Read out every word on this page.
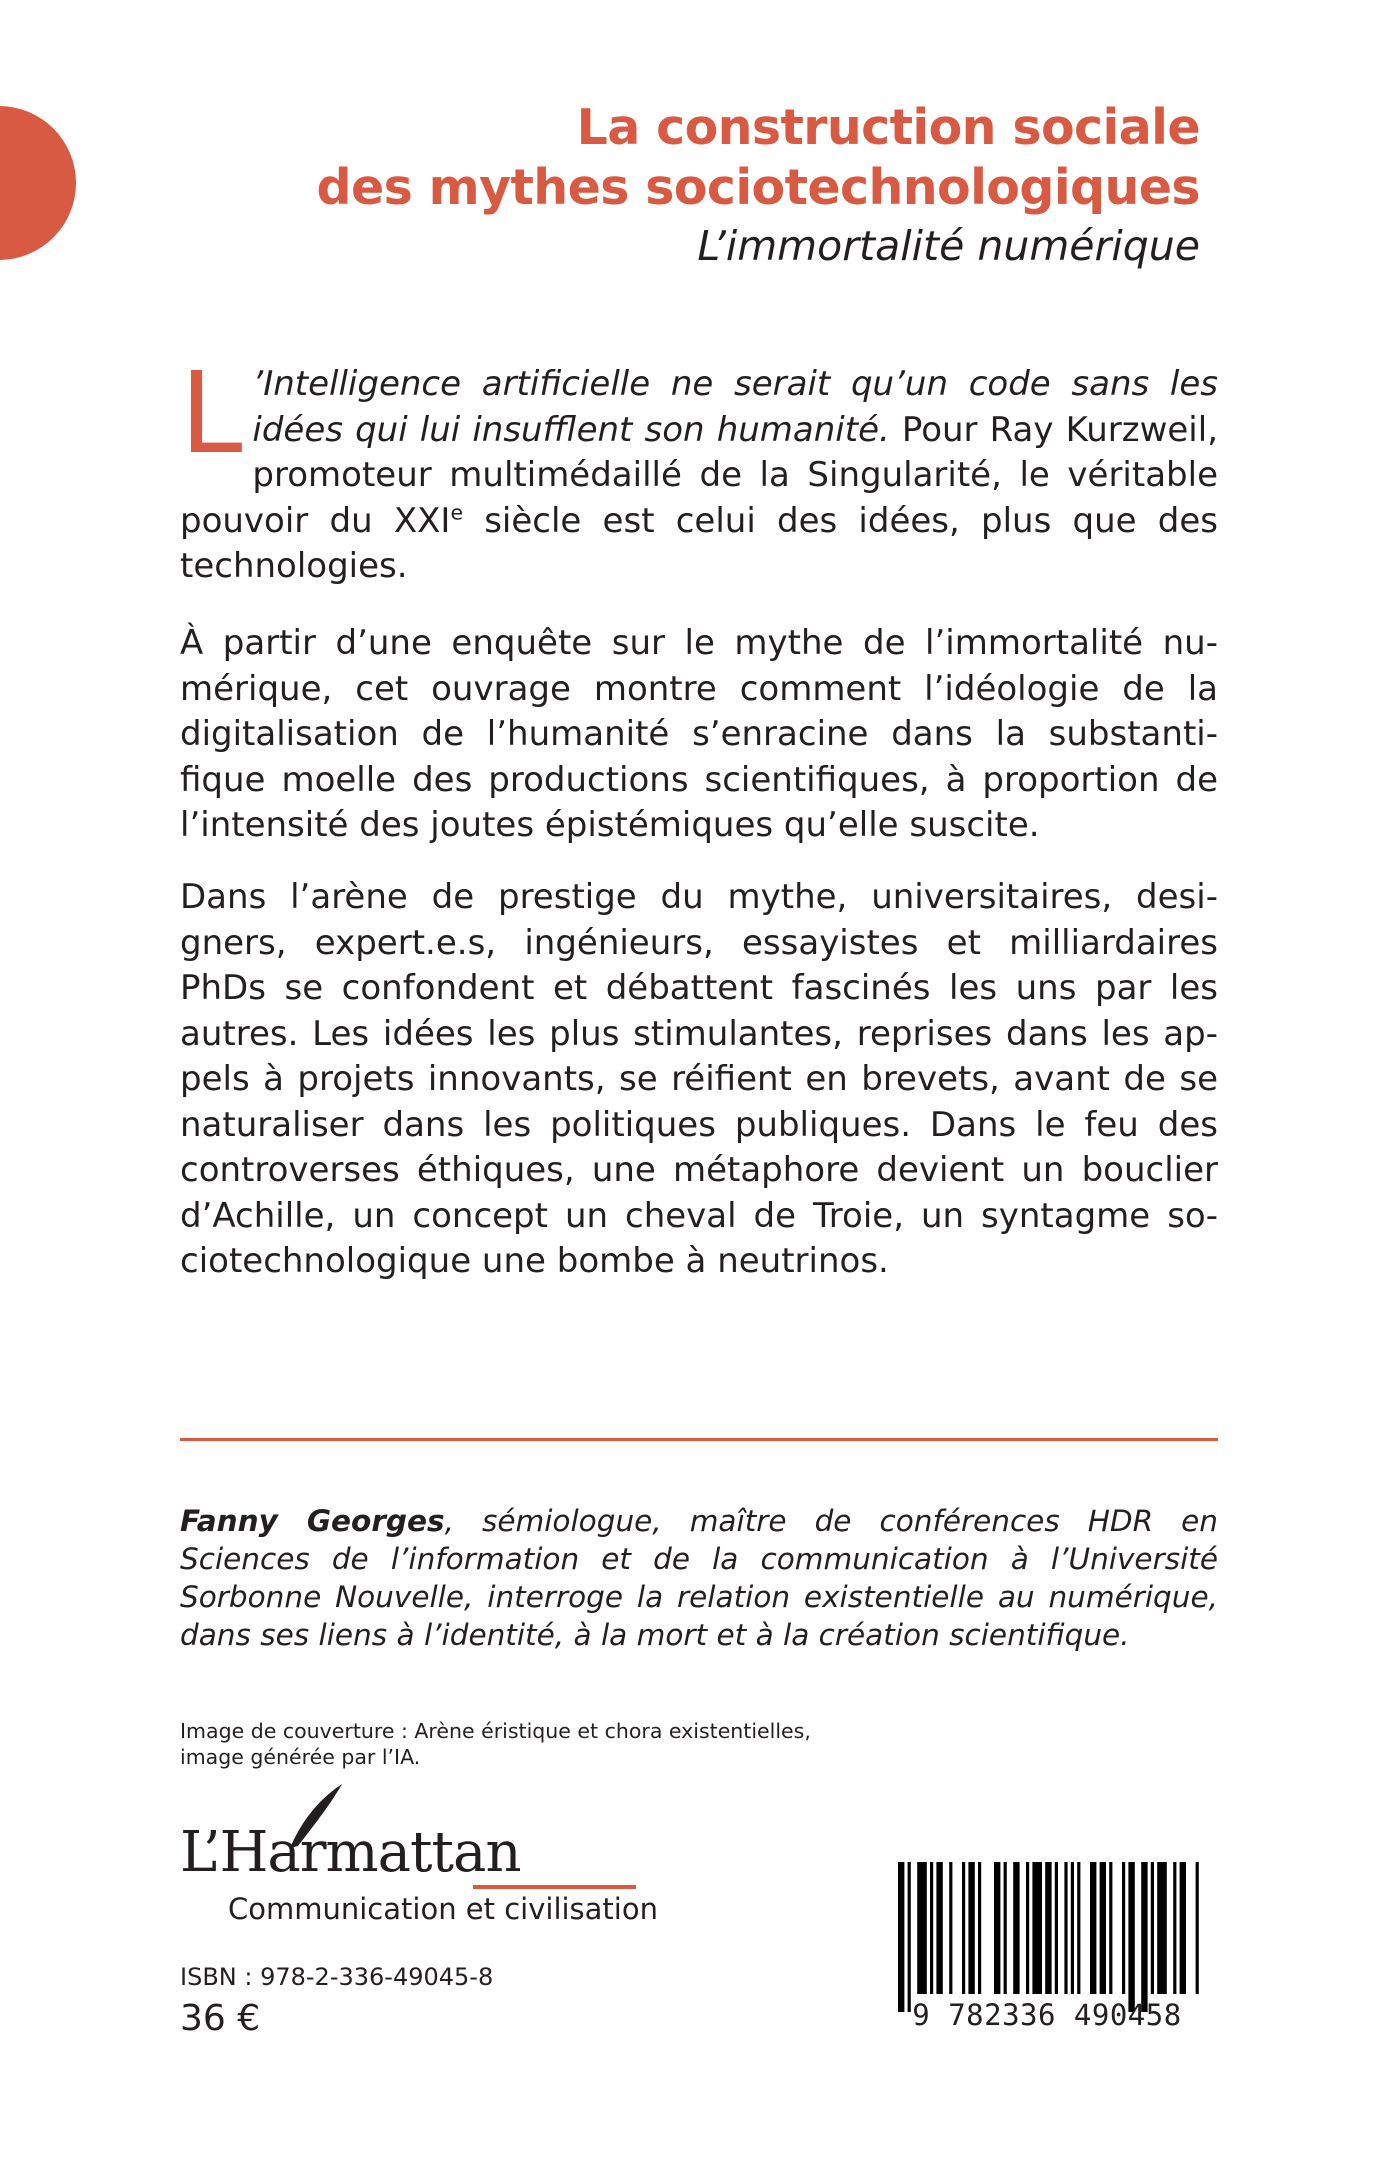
La construction sociale
des mythes sociotechnologiques
L’immortalité numérique
L ’Intelligence artificielle ne serait qu’un code sans les idées qui lui insufflent son humanité. Pour Ray Kurzweil, promoteur multimédaillé de la Singularité, le véritable pouvoir du XXIe siècle est celui des idées, plus que des technologies.
À partir d’une enquête sur le mythe de l’immortalité numérique, cet ouvrage montre comment l’idéologie de la digitalisation de l’humanité s’enracine dans la substantifique moelle des productions scientifiques, à proportion de l’intensité des joutes épistémiques qu’elle suscite.
Dans l’arène de prestige du mythe, universitaires, designers, expert.e.s, ingénieurs, essayistes et milliardaires PhDs se confondent et débattent fascinés les uns par les autres. Les idées les plus stimulantes, reprises dans les appels à projets innovants, se réifient en brevets, avant de se naturaliser dans les politiques publiques. Dans le feu des controverses éthiques, une métaphore devient un bouclier d’Achille, un concept un cheval de Troie, un syntagme sociotechnologique une bombe à neutrinos.
Fanny Georges, sémiologue, maître de conférences HDR en Sciences de l’information et de la communication à l’Université Sorbonne Nouvelle, interroge la relation existentielle au numérique, dans ses liens à l’identité, à la mort et à la création scientifique.
Image de couverture : Arène éristique et chora existentielles,
image générée par l’IA.
L’Harmattan
Communication et civilisation
ISBN : 978-2-336-49045-8
36 €	9 782336 490458
